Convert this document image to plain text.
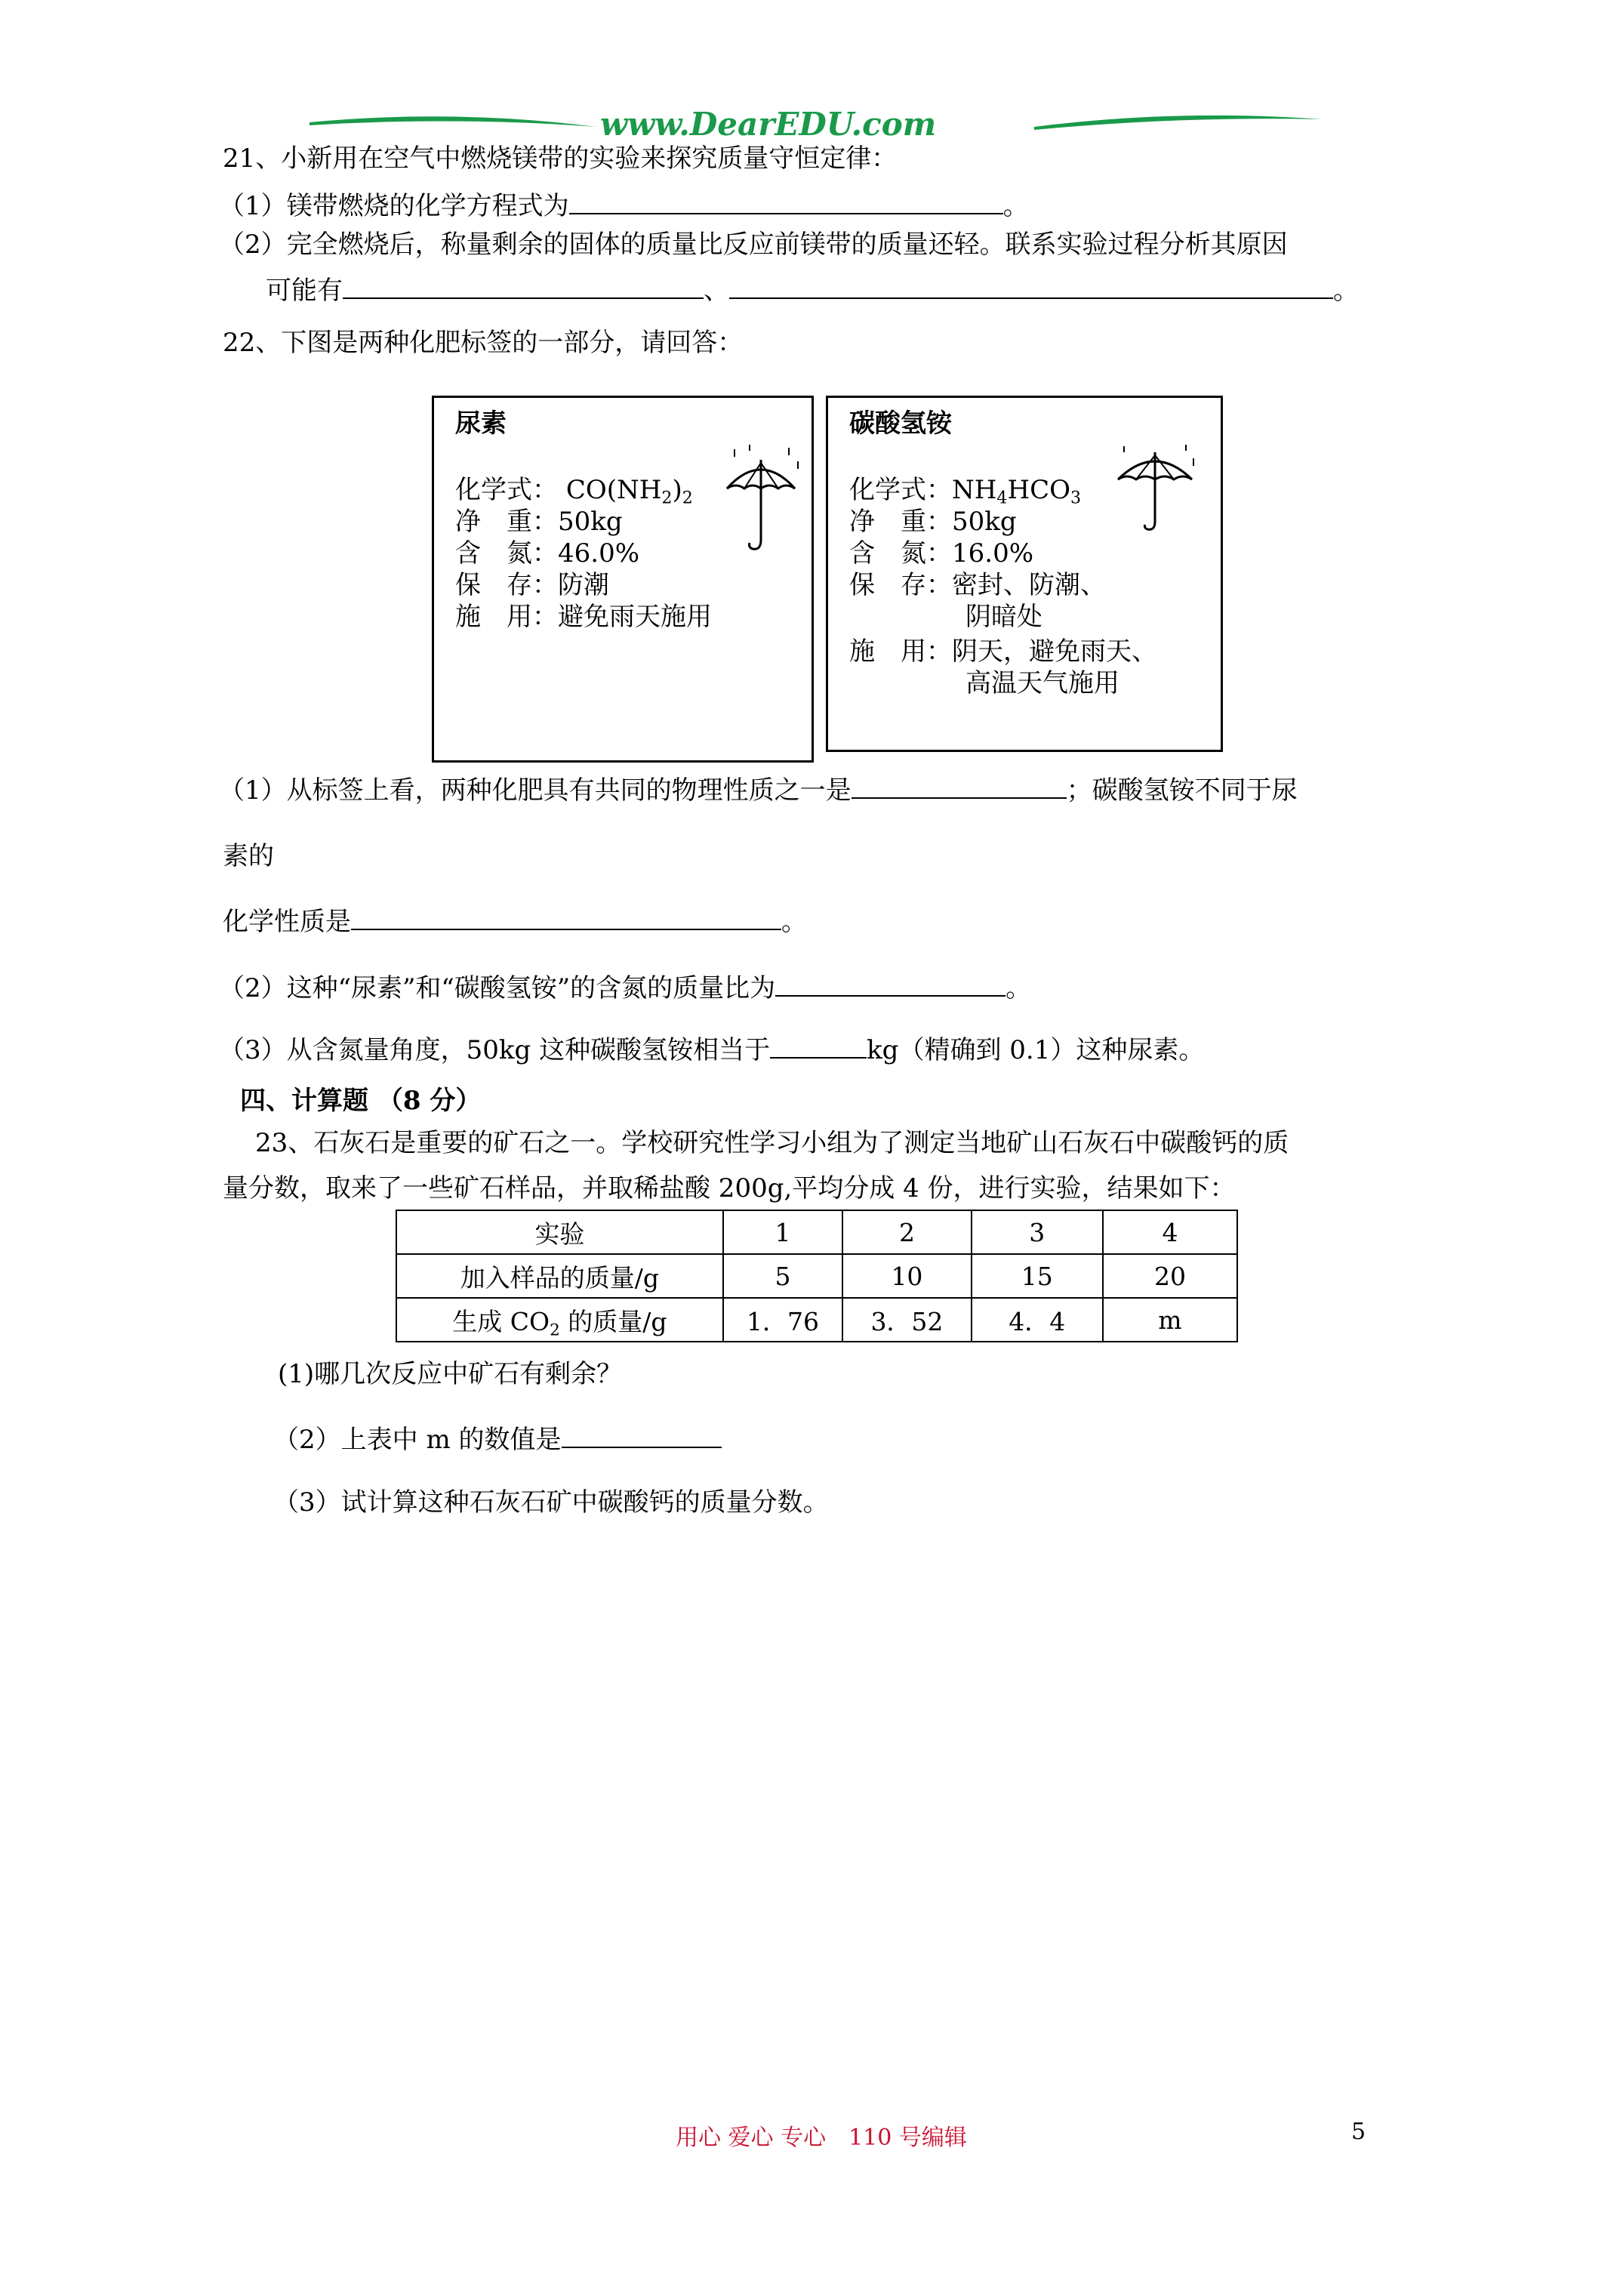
www.DearEDU.com
21、小新用在空气中燃烧镁带的实验来探究质量守恒定律：
（1）镁带燃烧的化学方程式为	。
（2）完全燃烧后，称量剩余的固体的质量比反应前镁带的质量还轻。联系实验过程分析其原因
可能有	、	。
22、下图是两种化肥标签的一部分，请回答：
尿素
化学式： $CO(NH_2)_2$
净　重：50kg
含　氮：46.0%
保　存：防潮
施　用：避免雨天施用
碳酸氢铵
化学式：$NH_4HCO_3$
净　重：50kg
含　氮：16.0%
保　存：密封、防潮、
阴暗处
施　用：阴天，避免雨天、
高温天气施用
（1）从标签上看，两种化肥具有共同的物理性质之一是	；碳酸氢铵不同于尿
素的
化学性质是	。
（2）这种“尿素”和“碳酸氢铵”的含氮的质量比为	。
（3）从含氮量角度，50kg 这种碳酸氢铵相当于	kg（精确到 0.1）这种尿素。
四、计算题 （8 分）
23、石灰石是重要的矿石之一。学校研究性学习小组为了测定当地矿山石灰石中碳酸钙的质
量分数，取来了一些矿石样品，并取稀盐酸 200g,平均分成 4 份，进行实验，结果如下：
实验	1	2	3	4
加入样品的质量/g	5	10	15	20
生成 $CO_2$ 的质量/g	1．76	3．52	4．4	m
(1)哪几次反应中矿石有剩余？
（2）上表中 m 的数值是
（3）试计算这种石灰石矿中碳酸钙的质量分数。
用心 爱心 专心　110 号编辑	5
